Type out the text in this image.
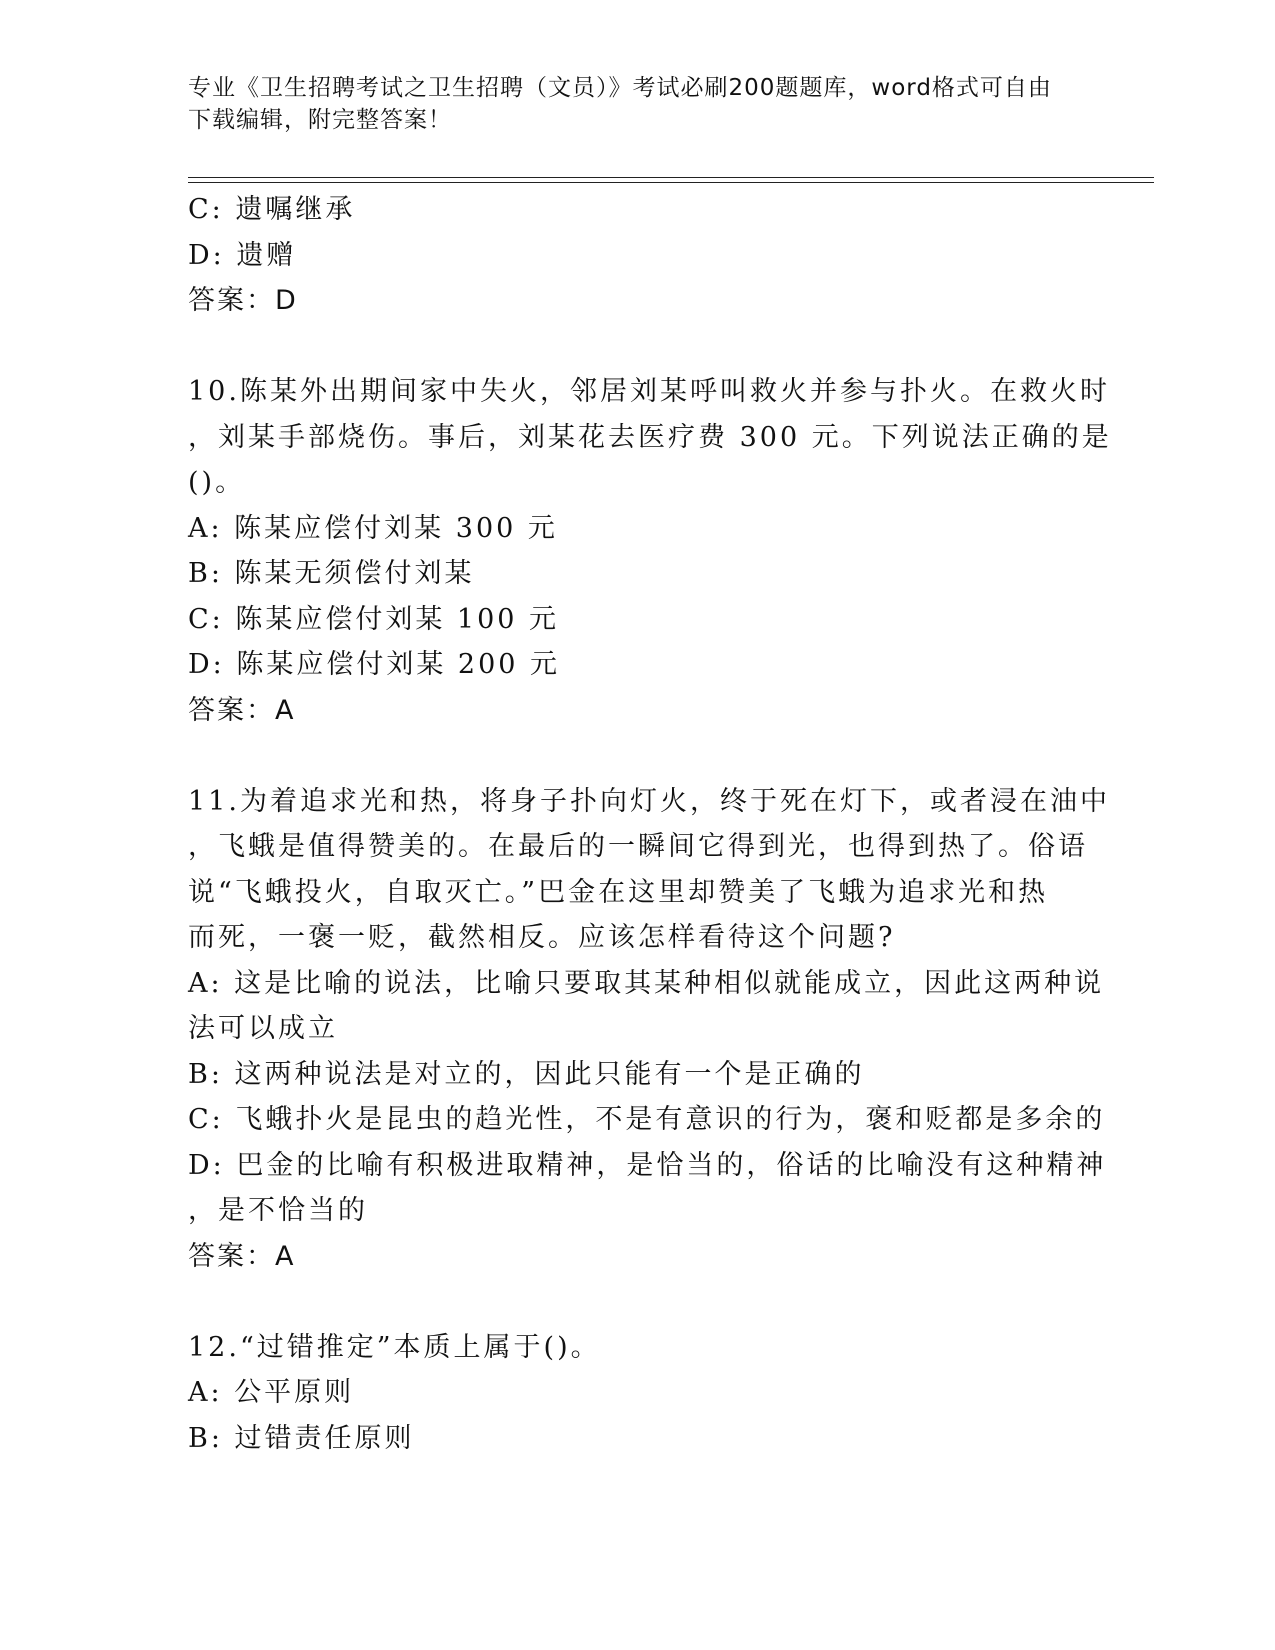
专业《卫生招聘考试之卫生招聘（文员）》考试必刷200题题库，word格式可自由下载编辑，附完整答案！
C: 遗嘱继承
D: 遗赠
答案：D
10.陈某外出期间家中失火，邻居刘某呼叫救火并参与扑火。在救火时
，刘某手部烧伤。事后，刘某花去医疗费 300 元。下列说法正确的是
()。
A: 陈某应偿付刘某 300 元
B: 陈某无须偿付刘某
C: 陈某应偿付刘某 100 元
D: 陈某应偿付刘某 200 元
答案：A
11.为着追求光和热，将身子扑向灯火，终于死在灯下，或者浸在油中
，飞蛾是值得赞美的。在最后的一瞬间它得到光，也得到热了。俗语
说“飞蛾投火，自取灭亡。”巴金在这里却赞美了飞蛾为追求光和热
而死，一褒一贬，截然相反。应该怎样看待这个问题?
A: 这是比喻的说法，比喻只要取其某种相似就能成立，因此这两种说
法可以成立
B: 这两种说法是对立的，因此只能有一个是正确的
C: 飞蛾扑火是昆虫的趋光性，不是有意识的行为，褒和贬都是多余的
D: 巴金的比喻有积极进取精神，是恰当的，俗话的比喻没有这种精神
，是不恰当的
答案：A
12.“过错推定”本质上属于()。
A: 公平原则
B: 过错责任原则
